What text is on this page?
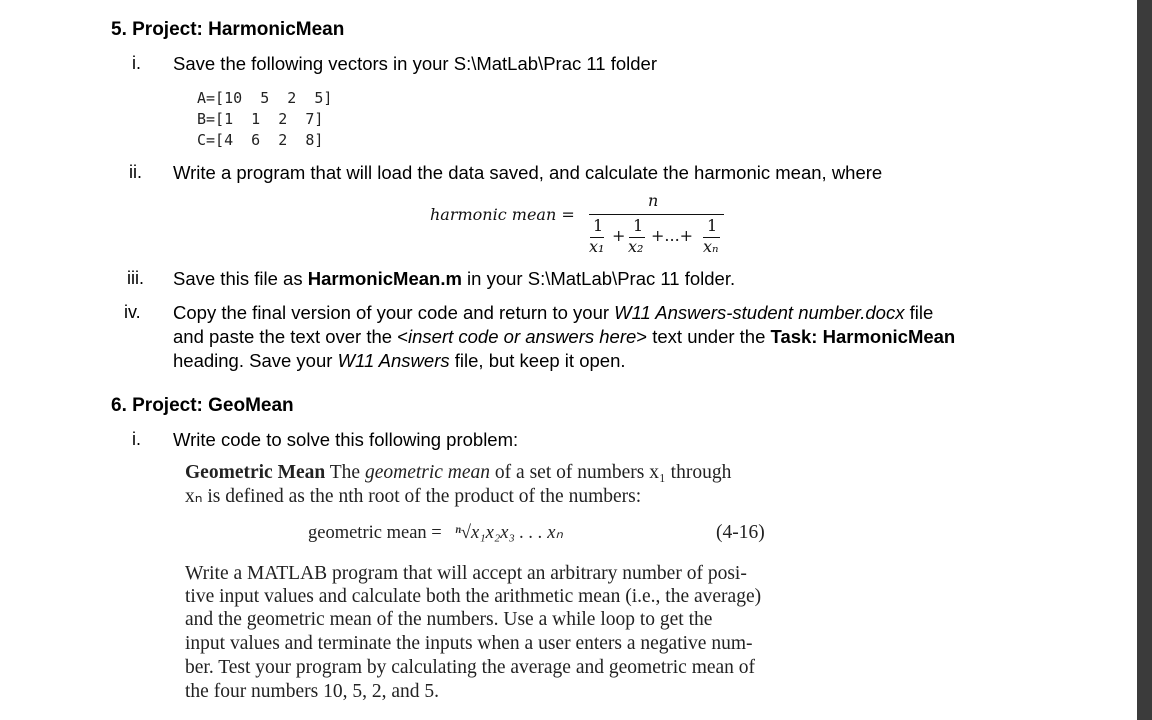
5. Project: HarmonicMean
i. Save the following vectors in your S:\MatLab\Prac 11 folder
A=[10  5  2  5]
B=[1  1  2  7]
C=[4  6  2  8]
ii. Write a program that will load the data saved, and calculate the harmonic mean, where
harmonic mean =
n
1
x₁
+
1
x₂
+...+
1
xₙ
iii. Save this file as HarmonicMean.m in your S:\MatLab\Prac 11 folder.
iv. Copy the final version of your code and return to your W11 Answers-student number.docx file
and paste the text over the <insert code or answers here> text under the Task: HarmonicMean
heading. Save your W11 Answers file, but keep it open.
6. Project: GeoMean
i. Write code to solve this following problem:
Geometric Mean The geometric mean of a set of numbers x₁ through
xₙ is defined as the nth root of the product of the numbers:
geometric mean = ⁿ√x₁x₂x₃ . . . xₙ	(4-16)
Write a MATLAB program that will accept an arbitrary number of posi-
tive input values and calculate both the arithmetic mean (i.e., the average)
and the geometric mean of the numbers. Use a while loop to get the
input values and terminate the inputs when a user enters a negative num-
ber. Test your program by calculating the average and geometric mean of
the four numbers 10, 5, 2, and 5.
